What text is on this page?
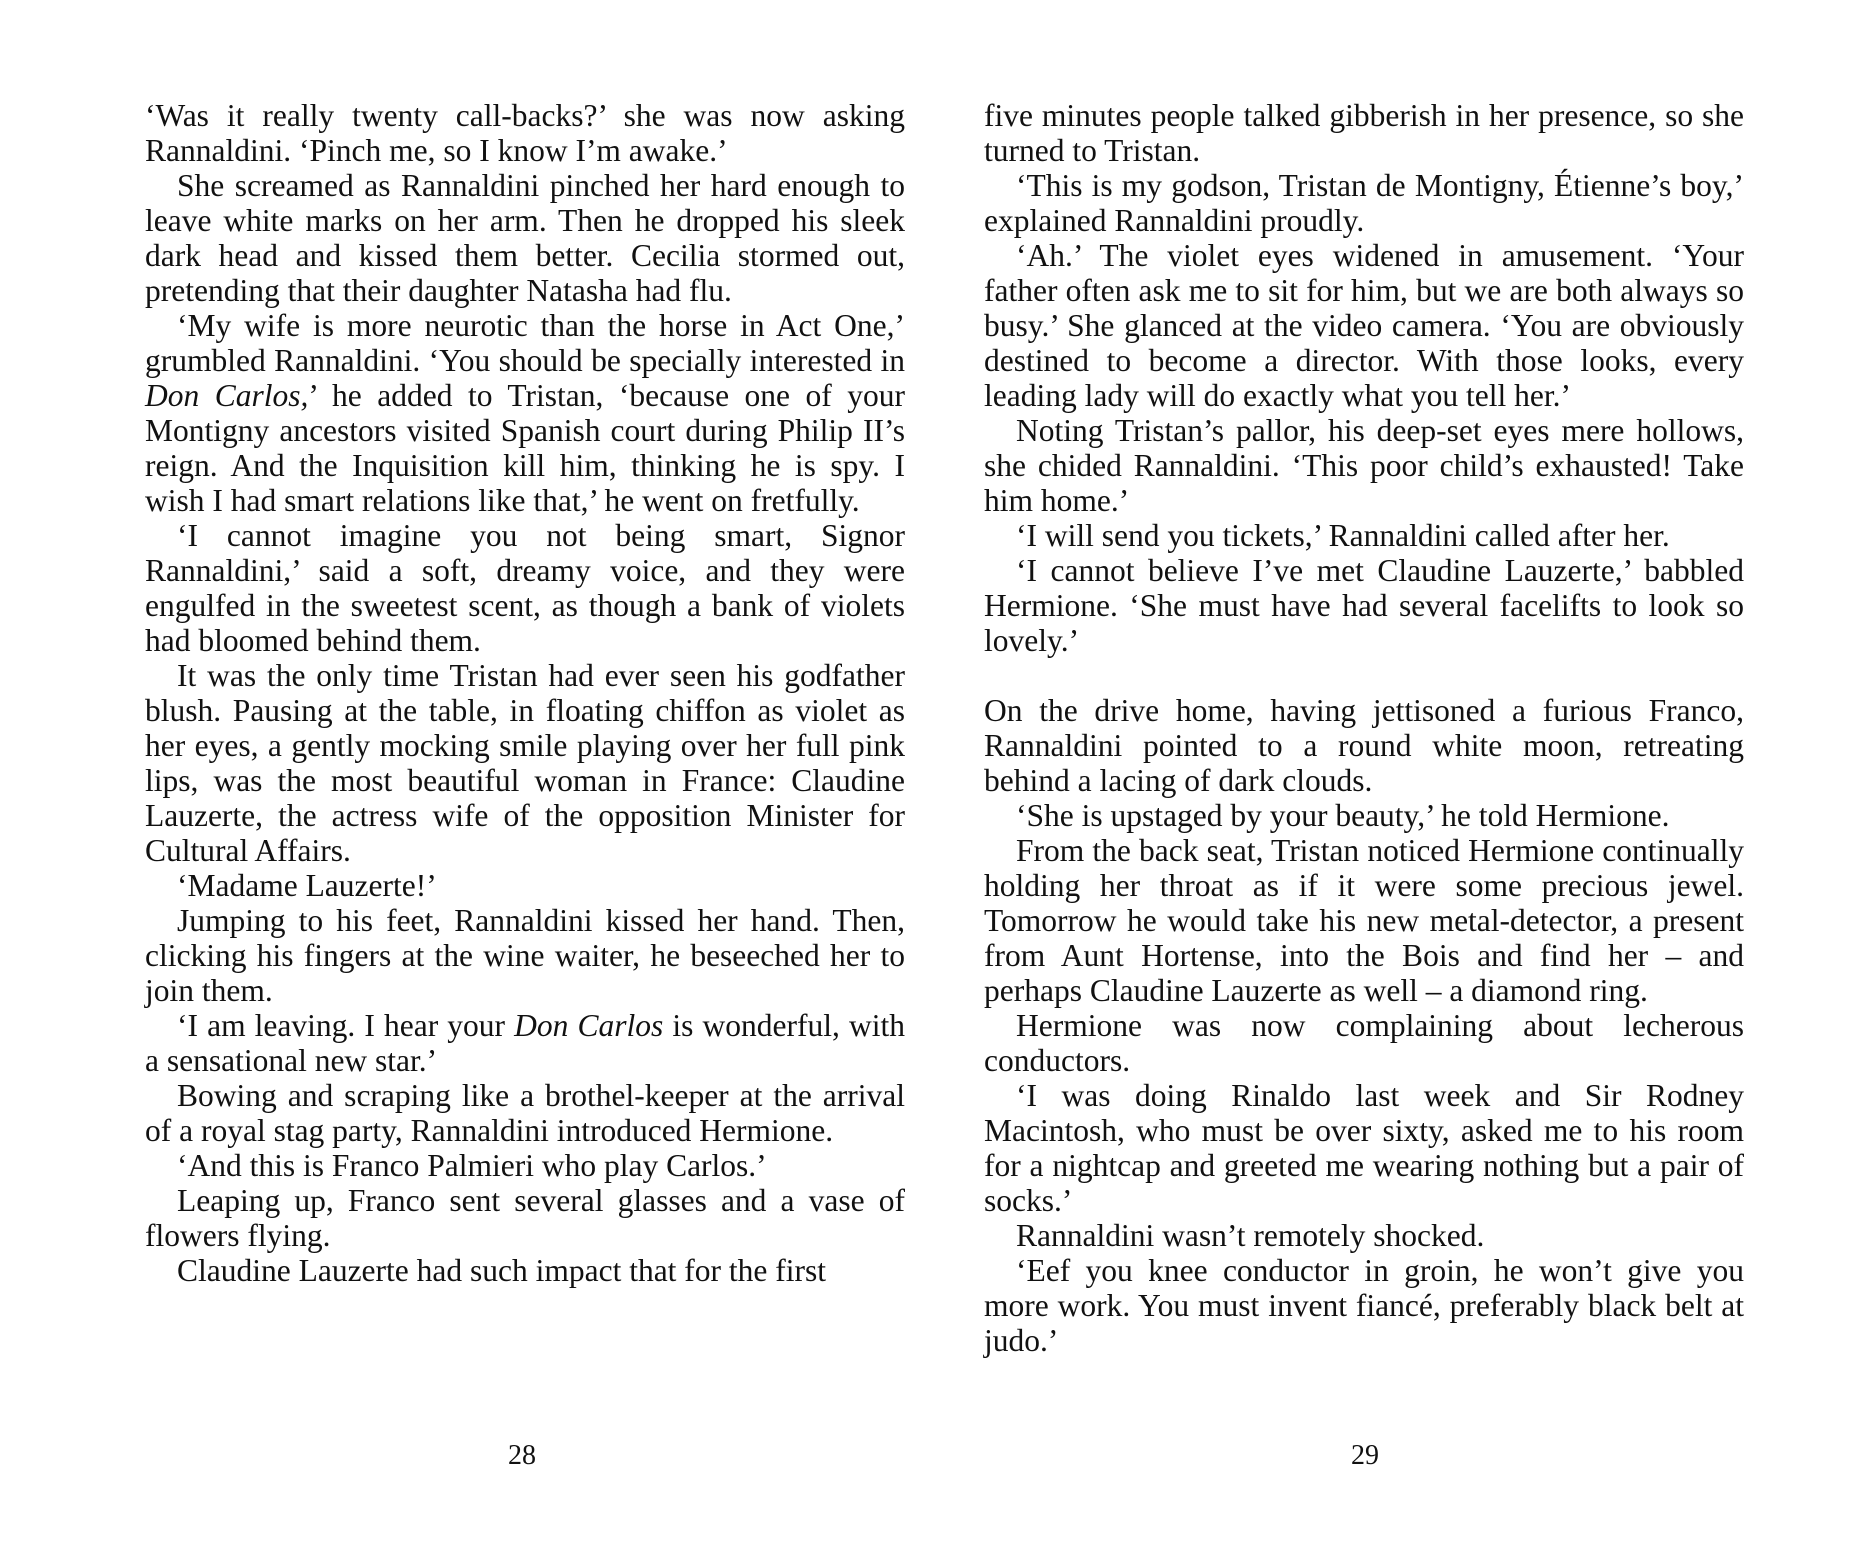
‘Was it really twenty call-backs?’ she was now asking Rannaldini. ‘Pinch me, so I know I’m awake.’

She screamed as Rannaldini pinched her hard enough to leave white marks on her arm. Then he dropped his sleek dark head and kissed them better. Cecilia stormed out, pretending that their daughter Natasha had flu.

‘My wife is more neurotic than the horse in Act One,’ grumbled Rannaldini. ‘You should be specially interested in Don Carlos,’ he added to Tristan, ‘because one of your Montigny ancestors visited Spanish court during Philip II’s reign. And the Inquisition kill him, thinking he is spy. I wish I had smart relations like that,’ he went on fretfully.

‘I cannot imagine you not being smart, Signor Rannaldini,’ said a soft, dreamy voice, and they were engulfed in the sweetest scent, as though a bank of violets had bloomed behind them.

It was the only time Tristan had ever seen his godfather blush. Pausing at the table, in floating chiffon as violet as her eyes, a gently mocking smile playing over her full pink lips, was the most beautiful woman in France: Claudine Lauzerte, the actress wife of the opposition Minister for Cultural Affairs.

‘Madame Lauzerte!’

Jumping to his feet, Rannaldini kissed her hand. Then, clicking his fingers at the wine waiter, he beseeched her to join them.

‘I am leaving. I hear your Don Carlos is wonderful, with a sensational new star.’

Bowing and scraping like a brothel-keeper at the arrival of a royal stag party, Rannaldini introduced Hermione.

‘And this is Franco Palmieri who play Carlos.’

Leaping up, Franco sent several glasses and a vase of flowers flying.

Claudine Lauzerte had such impact that for the first

28

five minutes people talked gibberish in her presence, so she turned to Tristan.

‘This is my godson, Tristan de Montigny, Étienne’s boy,’ explained Rannaldini proudly.

‘Ah.’ The violet eyes widened in amusement. ‘Your father often ask me to sit for him, but we are both always so busy.’ She glanced at the video camera. ‘You are obviously destined to become a director. With those looks, every leading lady will do exactly what you tell her.’

Noting Tristan’s pallor, his deep-set eyes mere hollows, she chided Rannaldini. ‘This poor child’s exhausted! Take him home.’

‘I will send you tickets,’ Rannaldini called after her.

‘I cannot believe I’ve met Claudine Lauzerte,’ babbled Hermione. ‘She must have had several facelifts to look so lovely.’

On the drive home, having jettisoned a furious Franco, Rannaldini pointed to a round white moon, retreating behind a lacing of dark clouds.

‘She is upstaged by your beauty,’ he told Hermione.

From the back seat, Tristan noticed Hermione continually holding her throat as if it were some precious jewel. Tomorrow he would take his new metal-detector, a present from Aunt Hortense, into the Bois and find her – and perhaps Claudine Lauzerte as well – a diamond ring.

Hermione was now complaining about lecherous conductors.

‘I was doing Rinaldo last week and Sir Rodney Macintosh, who must be over sixty, asked me to his room for a nightcap and greeted me wearing nothing but a pair of socks.’

Rannaldini wasn’t remotely shocked.

‘Eef you knee conductor in groin, he won’t give you more work. You must invent fiancé, preferably black belt at judo.’

29
